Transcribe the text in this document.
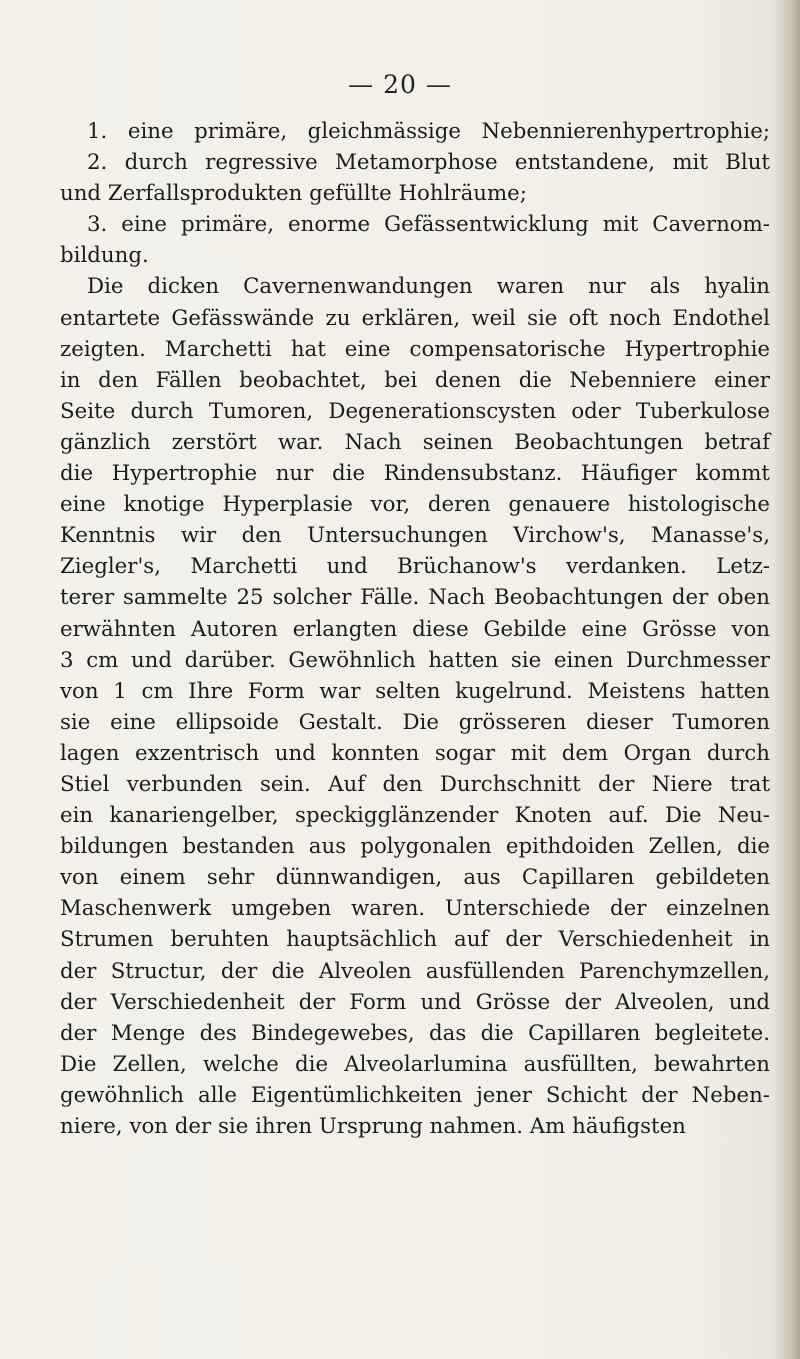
— 20 —
1. eine primäre, gleichmässige Nebennierenhypertrophie;
2. durch regressive Metamorphose entstandene, mit Blut
und Zerfallsprodukten gefüllte Hohlräume;
3. eine primäre, enorme Gefässentwicklung mit Cavernom-
bildung.
Die dicken Cavernenwandungen waren nur als hyalin
entartete Gefässwände zu erklären, weil sie oft noch Endothel
zeigten. Marchetti hat eine compensatorische Hypertrophie
in den Fällen beobachtet, bei denen die Nebenniere einer
Seite durch Tumoren, Degenerationscysten oder Tuberkulose
gänzlich zerstört war. Nach seinen Beobachtungen betraf
die Hypertrophie nur die Rindensubstanz. Häufiger kommt
eine knotige Hyperplasie vor, deren genauere histologische
Kenntnis wir den Untersuchungen Virchow's, Manasse's,
Ziegler's, Marchetti und Brüchanow's verdanken. Letz-
terer sammelte 25 solcher Fälle. Nach Beobachtungen der oben
erwähnten Autoren erlangten diese Gebilde eine Grösse von
3 cm und darüber. Gewöhnlich hatten sie einen Durchmesser
von 1 cm Ihre Form war selten kugelrund. Meistens hatten
sie eine ellipsoide Gestalt. Die grösseren dieser Tumoren
lagen exzentrisch und konnten sogar mit dem Organ durch
Stiel verbunden sein. Auf den Durchschnitt der Niere trat
ein kanariengelber, speckigglänzender Knoten auf. Die Neu-
bildungen bestanden aus polygonalen epithdoiden Zellen, die
von einem sehr dünnwandigen, aus Capillaren gebildeten
Maschenwerk umgeben waren. Unterschiede der einzelnen
Strumen beruhten hauptsächlich auf der Verschiedenheit in
der Structur, der die Alveolen ausfüllenden Parenchymzellen,
der Verschiedenheit der Form und Grösse der Alveolen, und
der Menge des Bindegewebes, das die Capillaren begleitete.
Die Zellen, welche die Alveolarlumina ausfüllten, bewahrten
gewöhnlich alle Eigentümlichkeiten jener Schicht der Neben-
niere, von der sie ihren Ursprung nahmen. Am häufigsten
